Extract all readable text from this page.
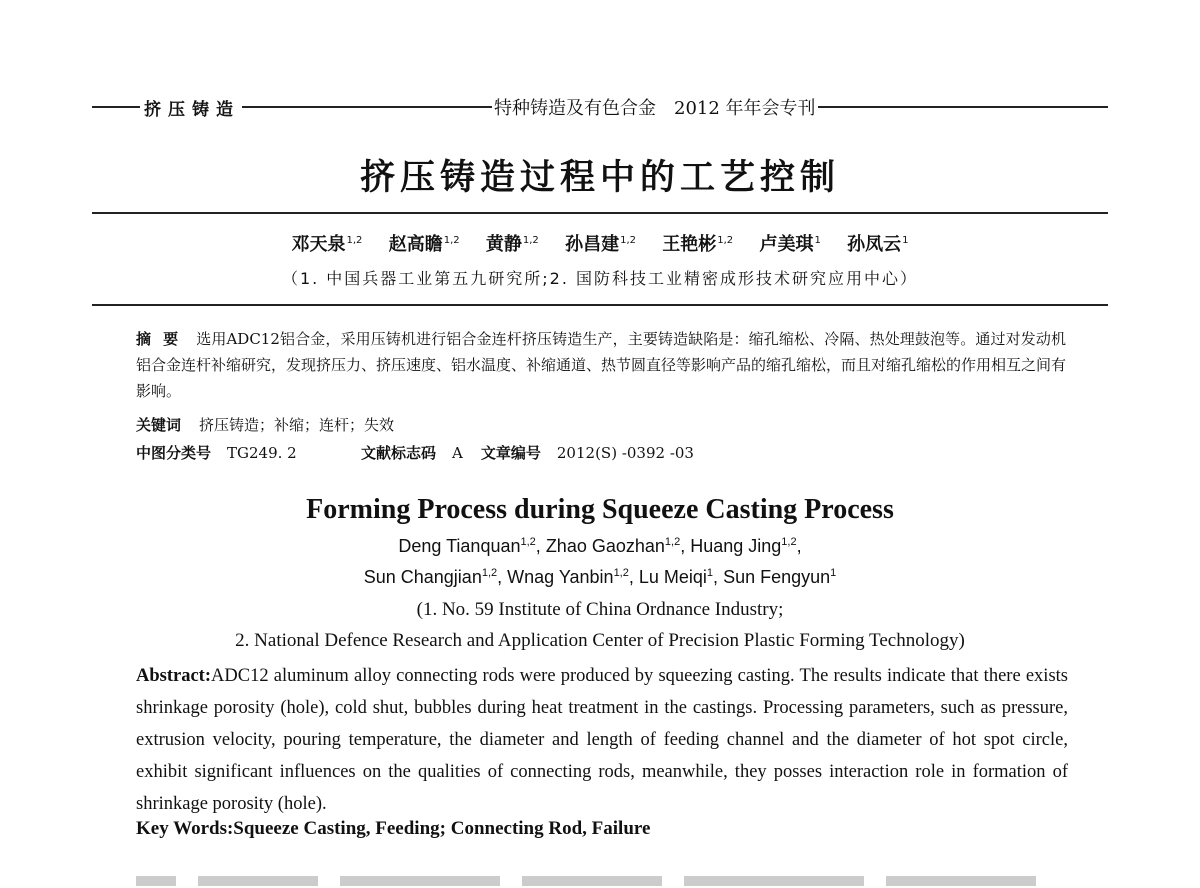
挤压铸造	特种铸造及有色合金　2012 年年会专刊
挤压铸造过程中的工艺控制
邓天泉$^{1,2}$ 赵高瞻$^{1,2}$ 黄静$^{1,2}$ 孙昌建$^{1,2}$ 王艳彬$^{1,2}$ 卢美琪$^1$ 孙凤云$^1$
（1. 中国兵器工业第五九研究所;2. 国防科技工业精密成形技术研究应用中心）
摘要 选用ADC12铝合金，采用压铸机进行铝合金连杆挤压铸造生产，主要铸造缺陷是：缩孔缩松、冷隔、热处理鼓泡等。通过对发动机铝合金连杆补缩研究，发现挤压力、挤压速度、铝水温度、补缩通道、热节圆直径等影响产品的缩孔缩松，而且对缩孔缩松的作用相互之间有影响。
关键词 挤压铸造；补缩；连杆；失效
中图分类号 TG249. 2	文献标志码 A 文章编号 2012(S) -0392 -03
Forming Process during Squeeze Casting Process
Deng Tianquan$^{1,2}$, Zhao Gaozhan$^{1,2}$, Huang Jing$^{1,2}$,
Sun Changjian$^{1,2}$, Wnag Yanbin$^{1,2}$, Lu Meiqi$^1$, Sun Fengyun$^1$
(1. No. 59 Institute of China Ordnance Industry;
2. National Defence Research and Application Center of Precision Plastic Forming Technology)
Abstract:ADC12 aluminum alloy connecting rods were produced by squeezing casting. The results indicate that there exists shrinkage porosity (hole), cold shut, bubbles during heat treatment in the castings. Processing parameters, such as pressure, extrusion velocity, pouring temperature, the diameter and length of feeding channel and the diameter of hot spot circle, exhibit significant influences on the qualities of connecting rods, meanwhile, they posses interaction role in formation of shrinkage porosity (hole).
Key Words:Squeeze Casting, Feeding; Connecting Rod, Failure
